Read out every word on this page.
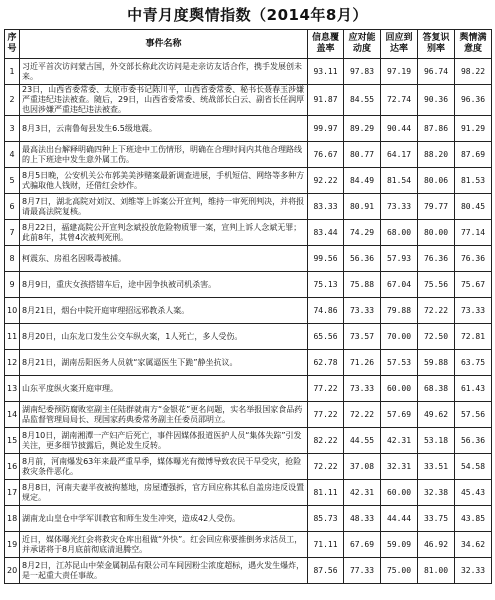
中青月度舆情指数（2014年8月）
序号	事件名称	信息覆盖率	应对能动度	回应到达率	答复识别率	舆情满意度
1	习近平首次访问蒙古国，外交部长称此次访问是走亲访友话合作，携手发展创未来。	93.11	97.83	97.19	96.74	98.22
2	23日，山西省委常委、太原市委书记陈川平，山西省委常委、秘书长聂春玉涉嫌严重违纪违法被查。随后，29日，山西省委常委、统战部长白云、副省长任润厚也因涉嫌严重违纪违法被查。	91.87	84.55	72.74	90.36	96.36
3	8月3日，云南鲁甸县发生6.5级地震。	99.97	89.29	90.44	87.86	91.29
4	最高法出台解释明确四种上下班途中工伤情形，明确在合理时间内其他合理路线的上下班途中发生意外属工伤。	76.67	80.77	64.17	88.20	87.69
5	8月5日晚，公安机关公布郭美美涉赌案最新调查进展，手机短信、网络等多种方式骗取他人钱财，还借红会炒作。	92.22	84.49	81.54	80.06	81.53
6	8月7日，湖北高院对刘汉、刘维等上诉案公开宣判，维持一审死刑判决，并将报请最高法院复核。	83.33	80.91	73.33	79.77	80.45
7	8月22日，福建高院公开宣判念斌投放危险物质罪一案，宣判上诉人念斌无罪；此前8年，其曾4次被判死刑。	83.44	74.29	68.00	80.00	77.14
8	柯震东、房祖名因吸毒被捕。	99.56	56.36	57.93	76.36	76.36
9	8月9日，重庆女孩搭错车后，途中因争执被司机杀害。	75.13	75.88	67.04	75.56	75.67
10	8月21日，烟台中院开庭审理招远邪教杀人案。	74.86	73.33	79.88	72.22	73.33
11	8月20日，山东龙口发生公交车纵火案，1人死亡，多人受伤。	65.56	73.57	70.00	72.50	72.81
12	8月21日，湖南岳阳医务人员就“家属逼医生下跪”静坐抗议。	62.78	71.26	57.53	59.88	63.75
13	山东平度纵火案开庭审理。	77.22	73.33	60.00	68.38	61.43
14	湖南纪委预防腐败室副主任陆群就南方“金银花”更名问题，实名举报国家食品药品监督管理局局长、现国家药典委常务副主任委员邵明立。	77.22	72.22	57.69	49.62	57.56
15	8月10日，湖南湘潭一产妇产后死亡，事件因媒体报道医护人员“集体失踪”引发关注，更多细节披露后，舆论发生反转。	82.22	44.55	42.31	53.18	56.36
16	8月前，河南爆发63年来最严重旱季，媒体曝光有微博导致农民干旱受灾，抢险救灾条件恶化。	72.22	37.08	32.31	33.51	54.58
17	8月8日，河南夫妻半夜被拘墓地，房屋遭强拆，官方回应称其私自盖房违反设置规定。	81.11	42.31	60.00	32.38	45.43
18	湖南龙山皇仓中学军训教官和师生发生冲突，造成42人受伤。	85.73	48.33	44.44	33.75	43.85
19	近日，媒体曝光红会将救灾仓库出租做“外快”。红会回应称要推倒务求活员工，并承诺将于8月底前彻底清退腾空。	71.11	67.69	59.09	46.92	34.62
20	8月2日，江苏昆山中荣金属制品有限公司车间因粉尘浓度超标，遇火发生爆炸，是一起重大责任事故。	87.56	77.33	75.00	81.00	32.33
